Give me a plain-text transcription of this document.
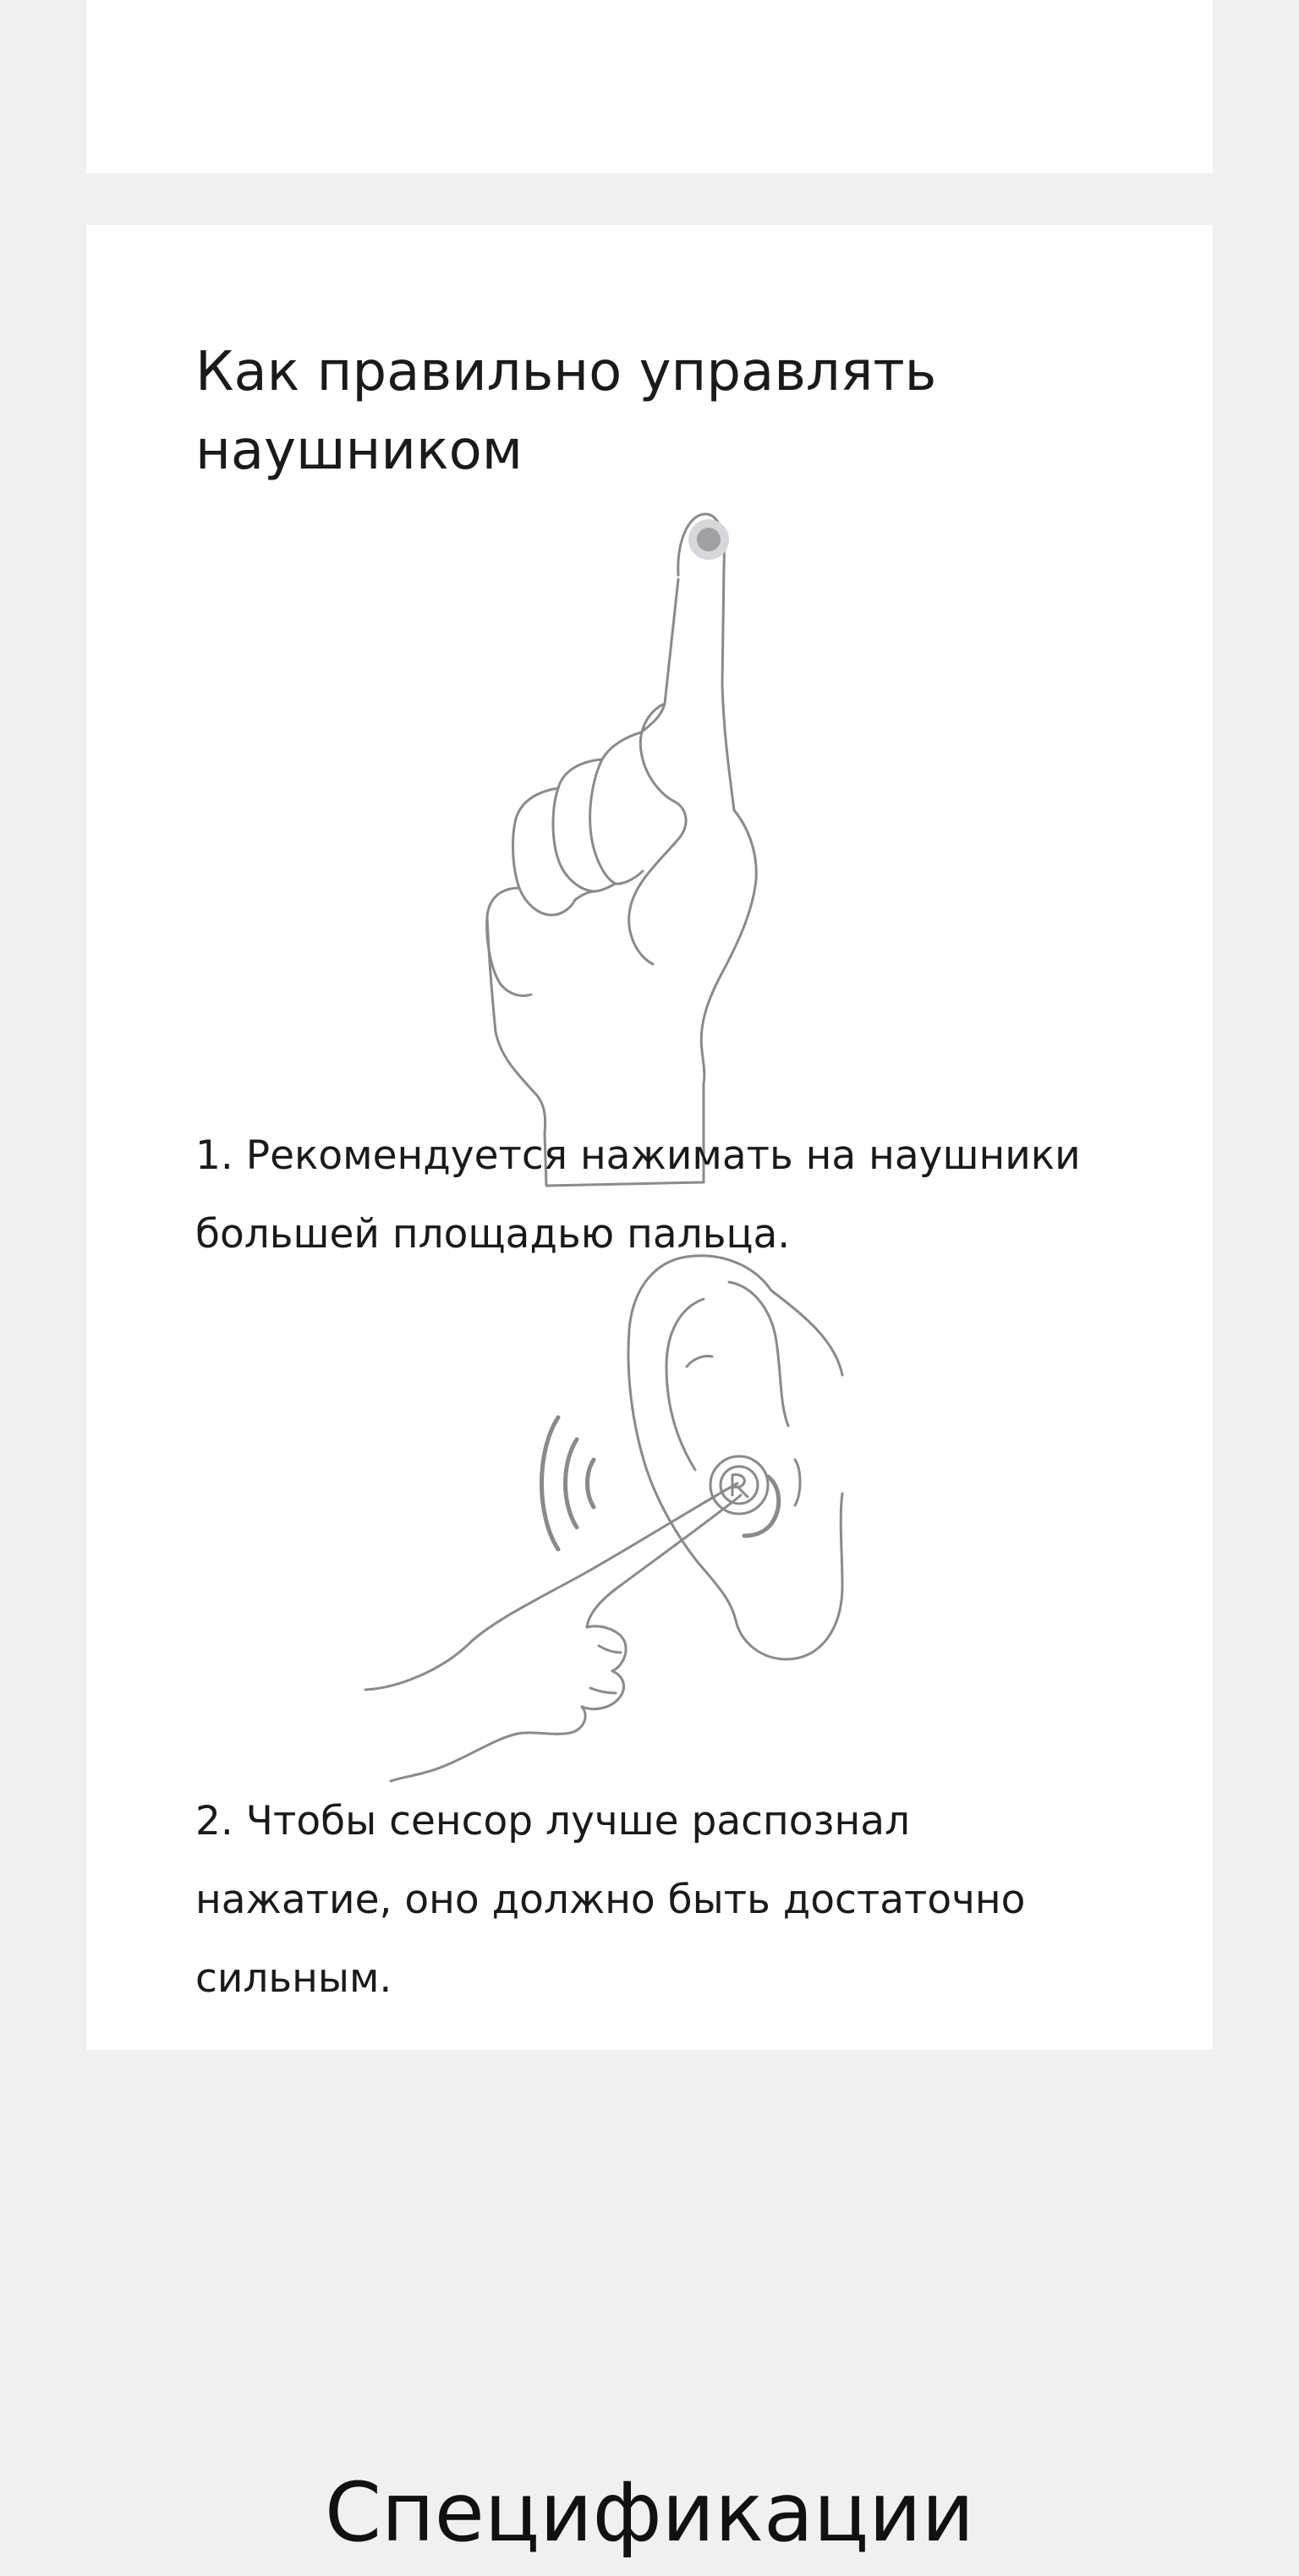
Как правильно управлять наушником

1. Рекомендуется нажимать на наушники большей площадью пальца.

2. Чтобы сенсор лучше распознал нажатие, оно должно быть достаточно сильным.

Спецификации
